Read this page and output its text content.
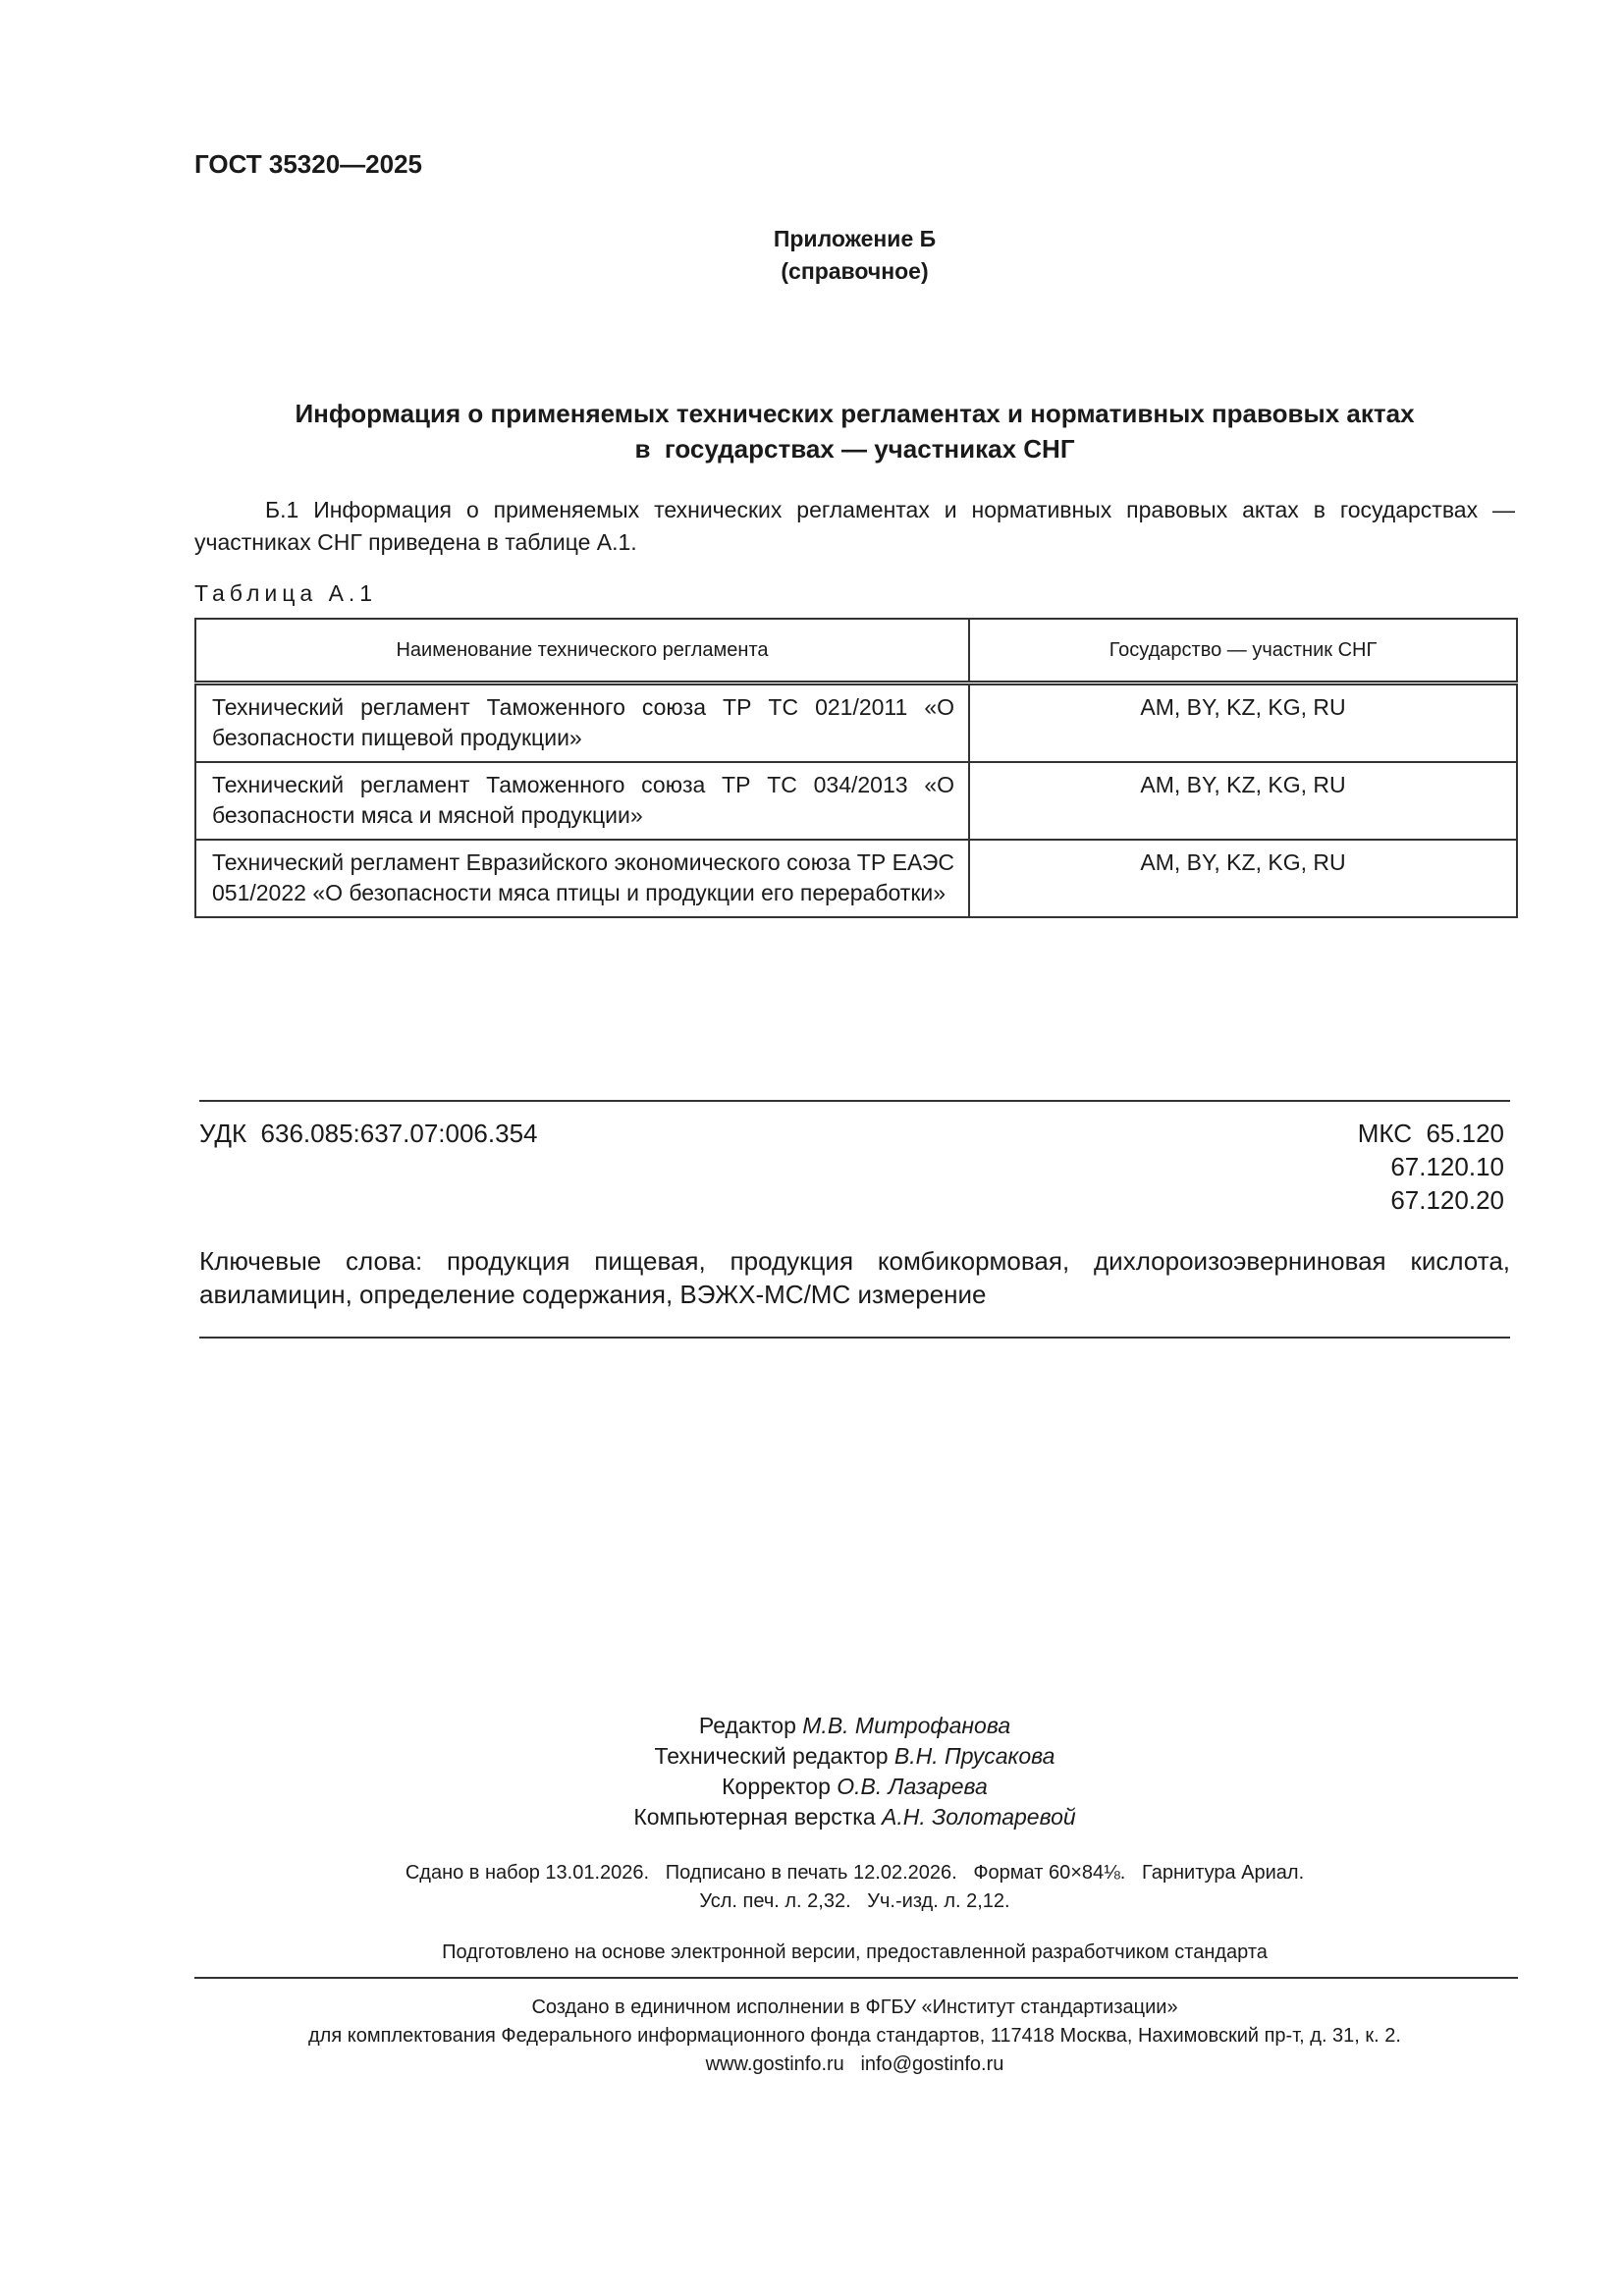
ГОСТ 35320—2025
Приложение Б
(справочное)
Информация о применяемых технических регламентах и нормативных правовых актах
в  государствах — участниках СНГ
Б.1 Информация о применяемых технических регламентах и нормативных правовых актах в государствах — участниках СНГ приведена в таблице А.1.
Таблица А.1
Наименование технического регламента	Государство — участник СНГ
Технический регламент Таможенного союза ТР ТС 021/2011 «О безопасности пищевой продукции»	AM, BY, KZ, KG, RU
Технический регламент Таможенного союза ТР ТС 034/2013 «О безопасности мяса и мясной продукции»	AM, BY, KZ, KG, RU
Технический регламент Евразийского экономического союза ТР ЕАЭС 051/2022 «О безопасности мяса птицы и продукции его переработки»	AM, BY, KZ, KG, RU
УДК  636.085:637.07:006.354	МКС  65.120
67.120.10
67.120.20
Ключевые слова: продукция пищевая, продукция комбикормовая, дихлороизоэверниновая кислота, авиламицин, определение содержания, ВЭЖХ-МС/МС измерение
Редактор М.В. Митрофанова
Технический редактор В.Н. Прусакова
Корректор О.В. Лазарева
Компьютерная верстка А.Н. Золотаревой
Сдано в набор 13.01.2026.   Подписано в печать 12.02.2026.   Формат 60×84⅛.   Гарнитура Ариал.
Усл. печ. л. 2,32.   Уч.-изд. л. 2,12.
Подготовлено на основе электронной версии, предоставленной разработчиком стандарта
Создано в единичном исполнении в ФГБУ «Институт стандартизации»
для комплектования Федерального информационного фонда стандартов, 117418 Москва, Нахимовский пр-т, д. 31, к. 2.
www.gostinfo.ru   info@gostinfo.ru
